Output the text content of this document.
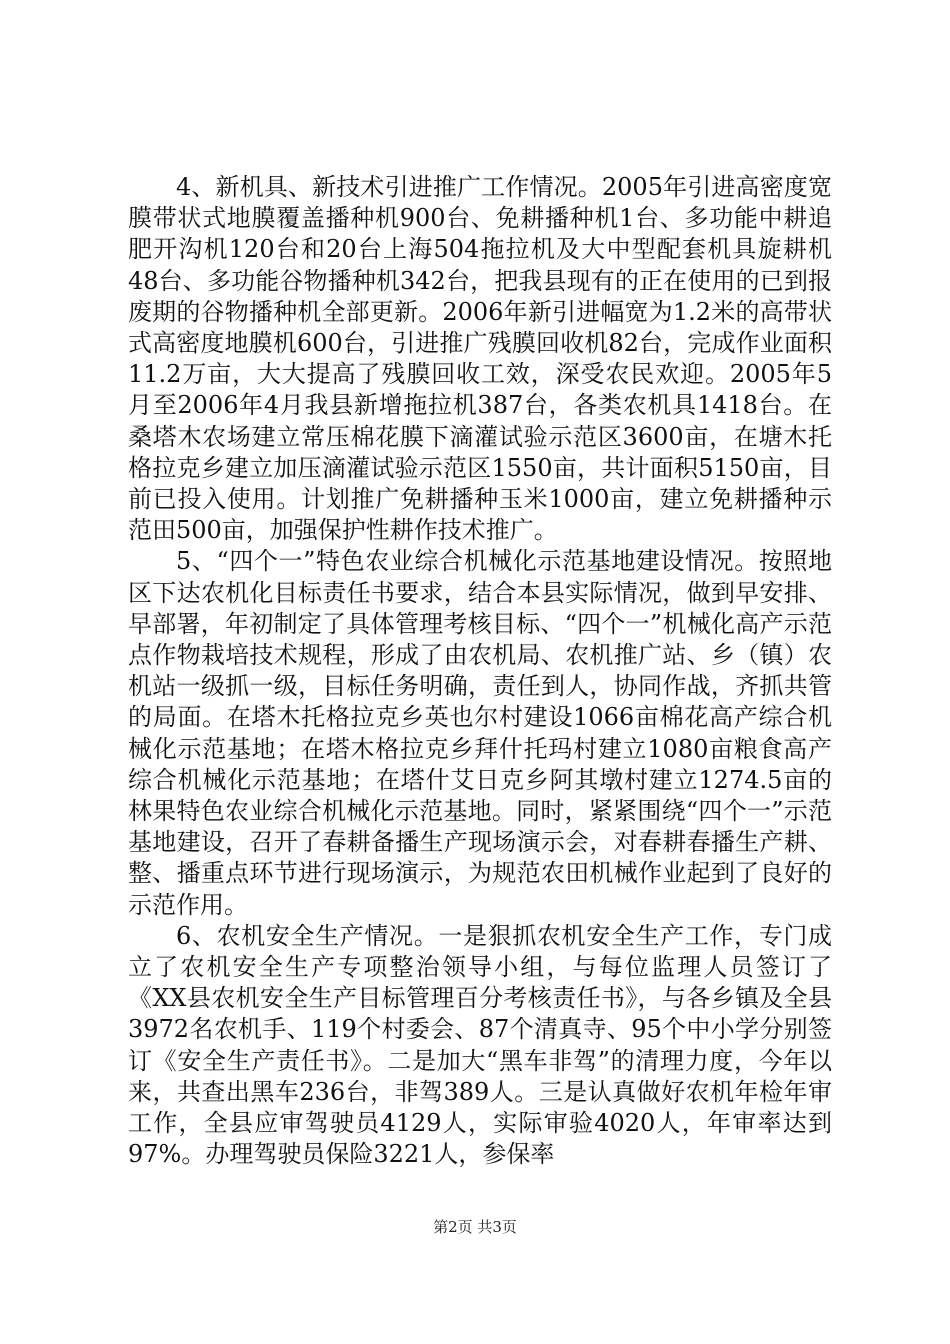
4、新机具、新技术引进推广工作情况。2005年引进高密度宽膜带状式地膜覆盖播种机900台、免耕播种机1台、多功能中耕追肥开沟机120台和20台上海504拖拉机及大中型配套机具旋耕机48台、多功能谷物播种机342台，把我县现有的正在使用的已到报废期的谷物播种机全部更新。2006年新引进幅宽为1.2米的高带状式高密度地膜机600台，引进推广残膜回收机82台，完成作业面积11.2万亩，大大提高了残膜回收工效，深受农民欢迎。2005年5月至2006年4月我县新增拖拉机387台，各类农机具1418台。在桑塔木农场建立常压棉花膜下滴灌试验示范区3600亩，在塘木托格拉克乡建立加压滴灌试验示范区1550亩，共计面积5150亩，目前已投入使用。计划推广免耕播种玉米1000亩，建立免耕播种示范田500亩，加强保护性耕作技术推广。

5、“四个一”特色农业综合机械化示范基地建设情况。按照地区下达农机化目标责任书要求，结合本县实际情况，做到早安排、早部署，年初制定了具体管理考核目标、“四个一”机械化高产示范点作物栽培技术规程，形成了由农机局、农机推广站、乡（镇）农机站一级抓一级，目标任务明确，责任到人，协同作战，齐抓共管的局面。在塔木托格拉克乡英也尔村建设1066亩棉花高产综合机械化示范基地；在塔木格拉克乡拜什托玛村建立1080亩粮食高产综合机械化示范基地；在塔什艾日克乡阿其墩村建立1274.5亩的林果特色农业综合机械化示范基地。同时，紧紧围绕“四个一”示范基地建设，召开了春耕备播生产现场演示会，对春耕春播生产耕、整、播重点环节进行现场演示，为规范农田机械作业起到了良好的示范作用。

6、农机安全生产情况。一是狠抓农机安全生产工作，专门成立了农机安全生产专项整治领导小组，与每位监理人员签订了《XX县农机安全生产目标管理百分考核责任书》，与各乡镇及全县3972名农机手、119个村委会、87个清真寺、95个中小学分别签订《安全生产责任书》。二是加大“黑车非驾”的清理力度，今年以来，共查出黑车236台，非驾389人。三是认真做好农机年检年审工作，全县应审驾驶员4129人，实际审验4020人，年审率达到97%。办理驾驶员保险3221人，参保率

第2页 共3页
